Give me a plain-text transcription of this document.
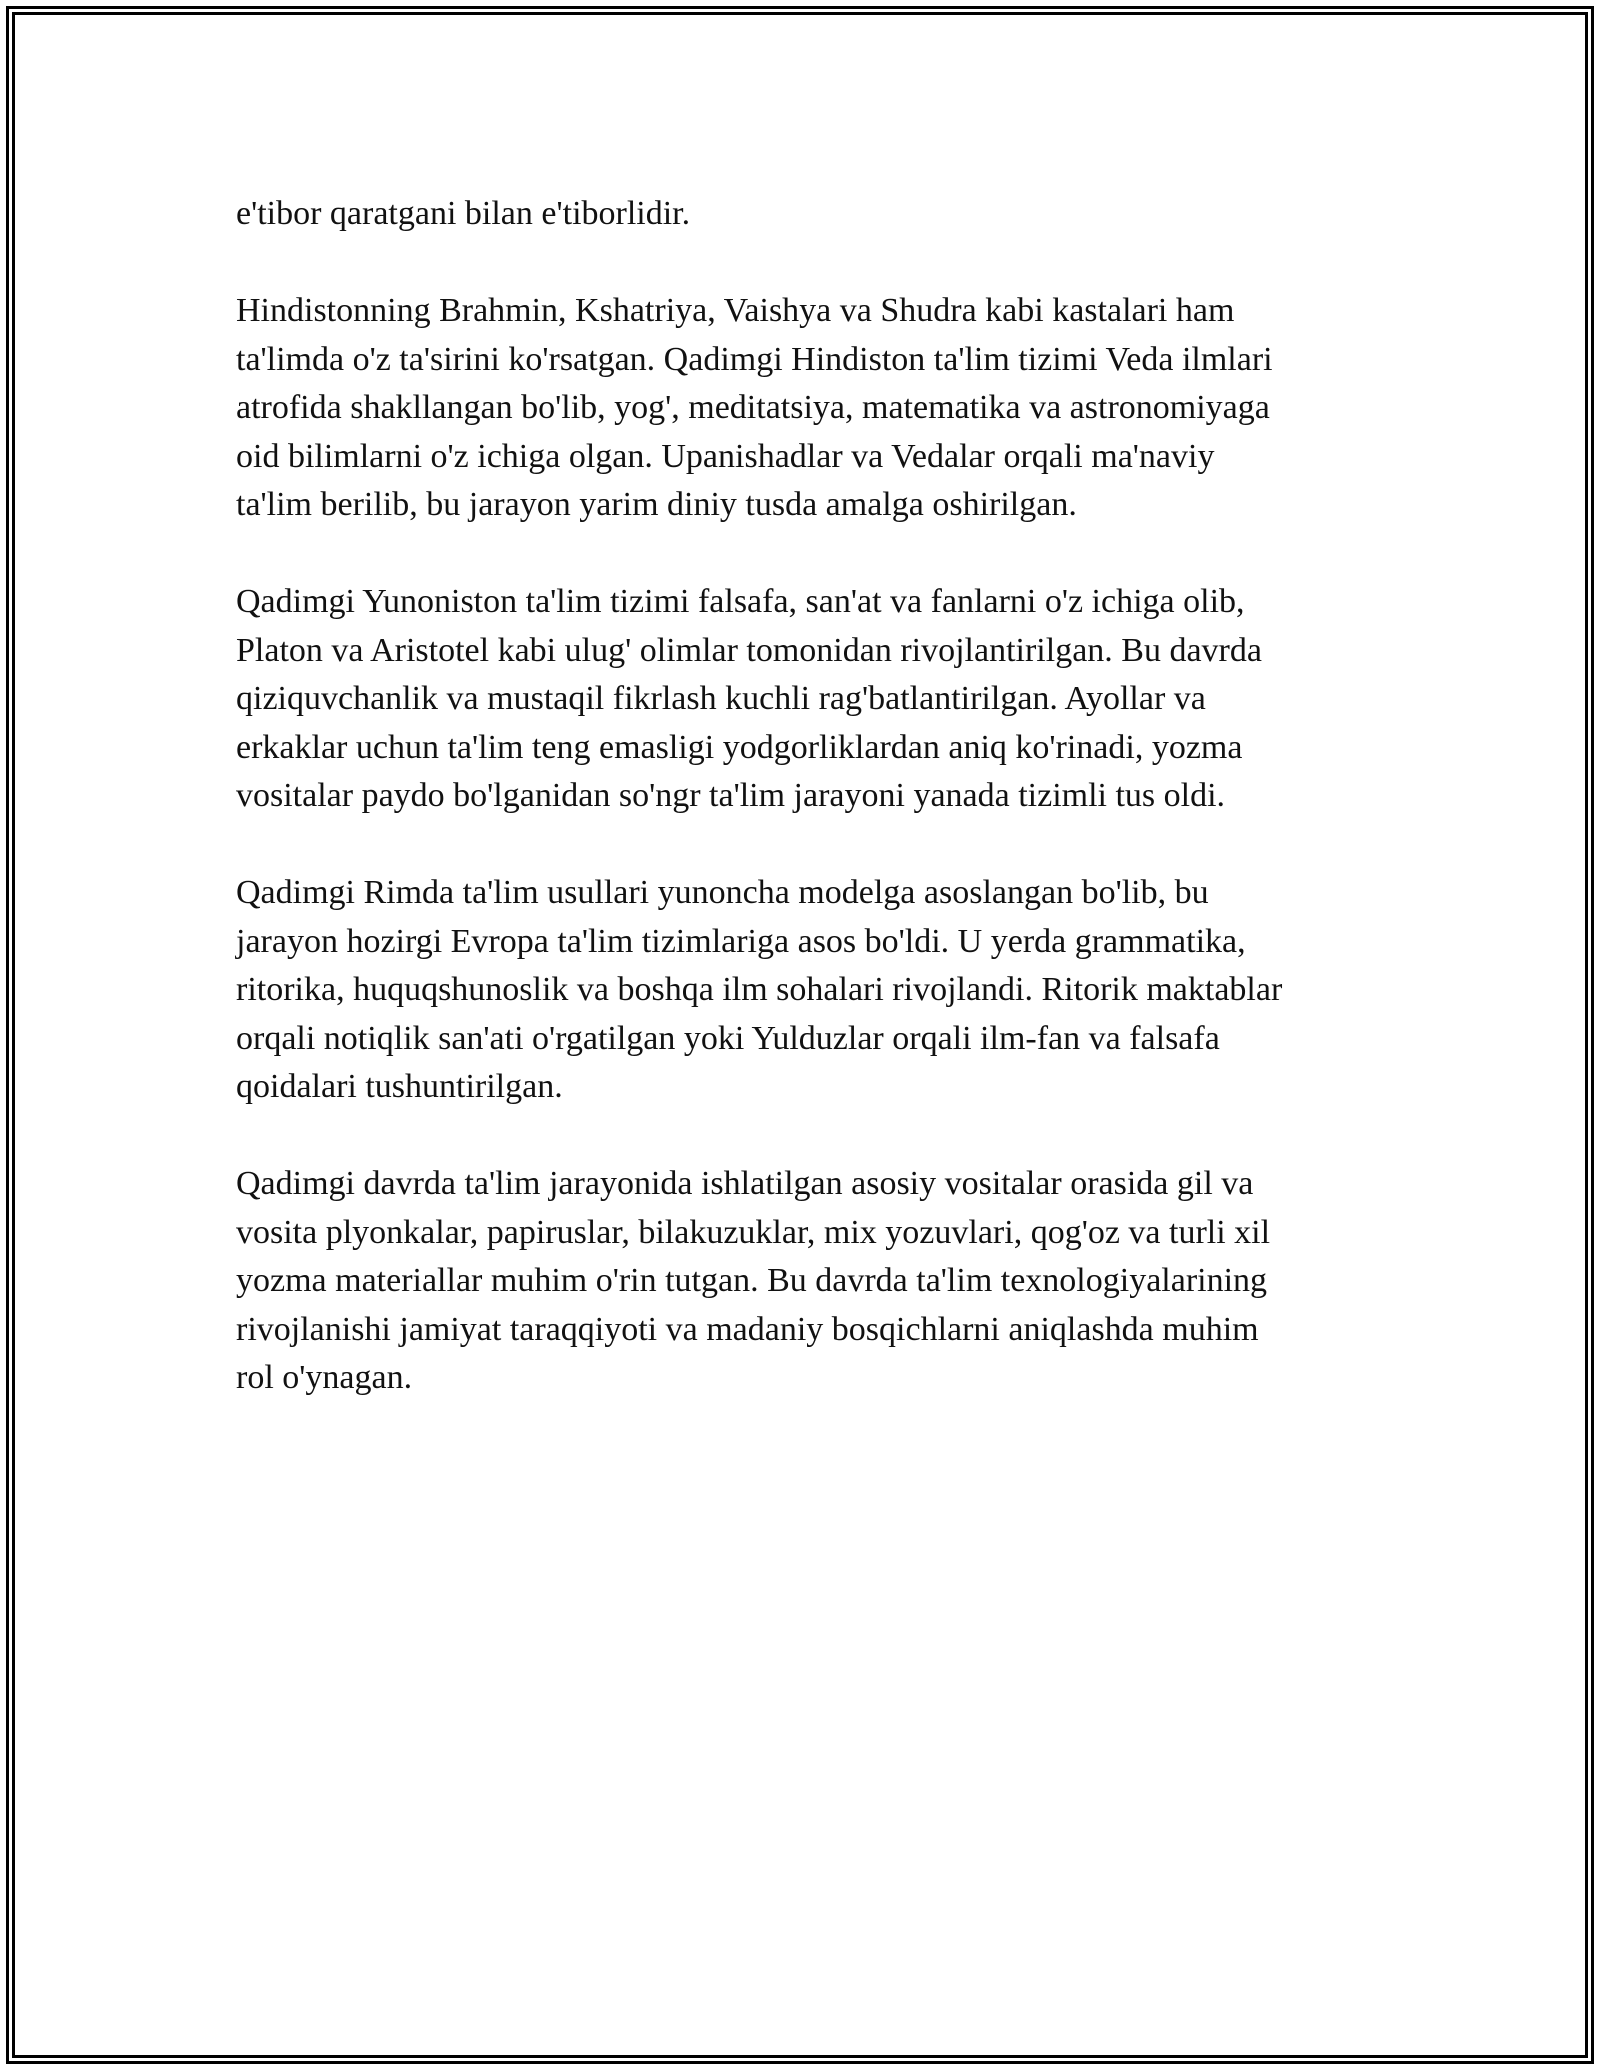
e'tibor qaratgani bilan e'tiborlidir.

Hindistonning Brahmin, Kshatriya, Vaishya va Shudra kabi kastalari ham
ta'limda o'z ta'sirini ko'rsatgan. Qadimgi Hindiston ta'lim tizimi Veda ilmlari
atrofida shakllangan bo'lib, yog', meditatsiya, matematika va astronomiyaga
oid bilimlarni o'z ichiga olgan. Upanishadlar va Vedalar orqali ma'naviy
ta'lim berilib, bu jarayon yarim diniy tusda amalga oshirilgan.

Qadimgi Yunoniston ta'lim tizimi falsafa, san'at va fanlarni o'z ichiga olib,
Platon va Aristotel kabi ulug' olimlar tomonidan rivojlantirilgan. Bu davrda
qiziquvchanlik va mustaqil fikrlash kuchli rag'batlantirilgan. Ayollar va
erkaklar uchun ta'lim teng emasligi yodgorliklardan aniq ko'rinadi, yozma
vositalar paydo bo'lganidan so'ngr ta'lim jarayoni yanada tizimli tus oldi.

Qadimgi Rimda ta'lim usullari yunoncha modelga asoslangan bo'lib, bu
jarayon hozirgi Evropa ta'lim tizimlariga asos bo'ldi. U yerda grammatika,
ritorika, huquqshunoslik va boshqa ilm sohalari rivojlandi. Ritorik maktablar
orqali notiqlik san'ati o'rgatilgan yoki Yulduzlar orqali ilm-fan va falsafa
qoidalari tushuntirilgan.

Qadimgi davrda ta'lim jarayonida ishlatilgan asosiy vositalar orasida gil va
vosita plyonkalar, papiruslar, bilakuzuklar, mix yozuvlari, qog'oz va turli xil
yozma materiallar muhim o'rin tutgan. Bu davrda ta'lim texnologiyalarining
rivojlanishi jamiyat taraqqiyoti va madaniy bosqichlarni aniqlashda muhim
rol o'ynagan.
